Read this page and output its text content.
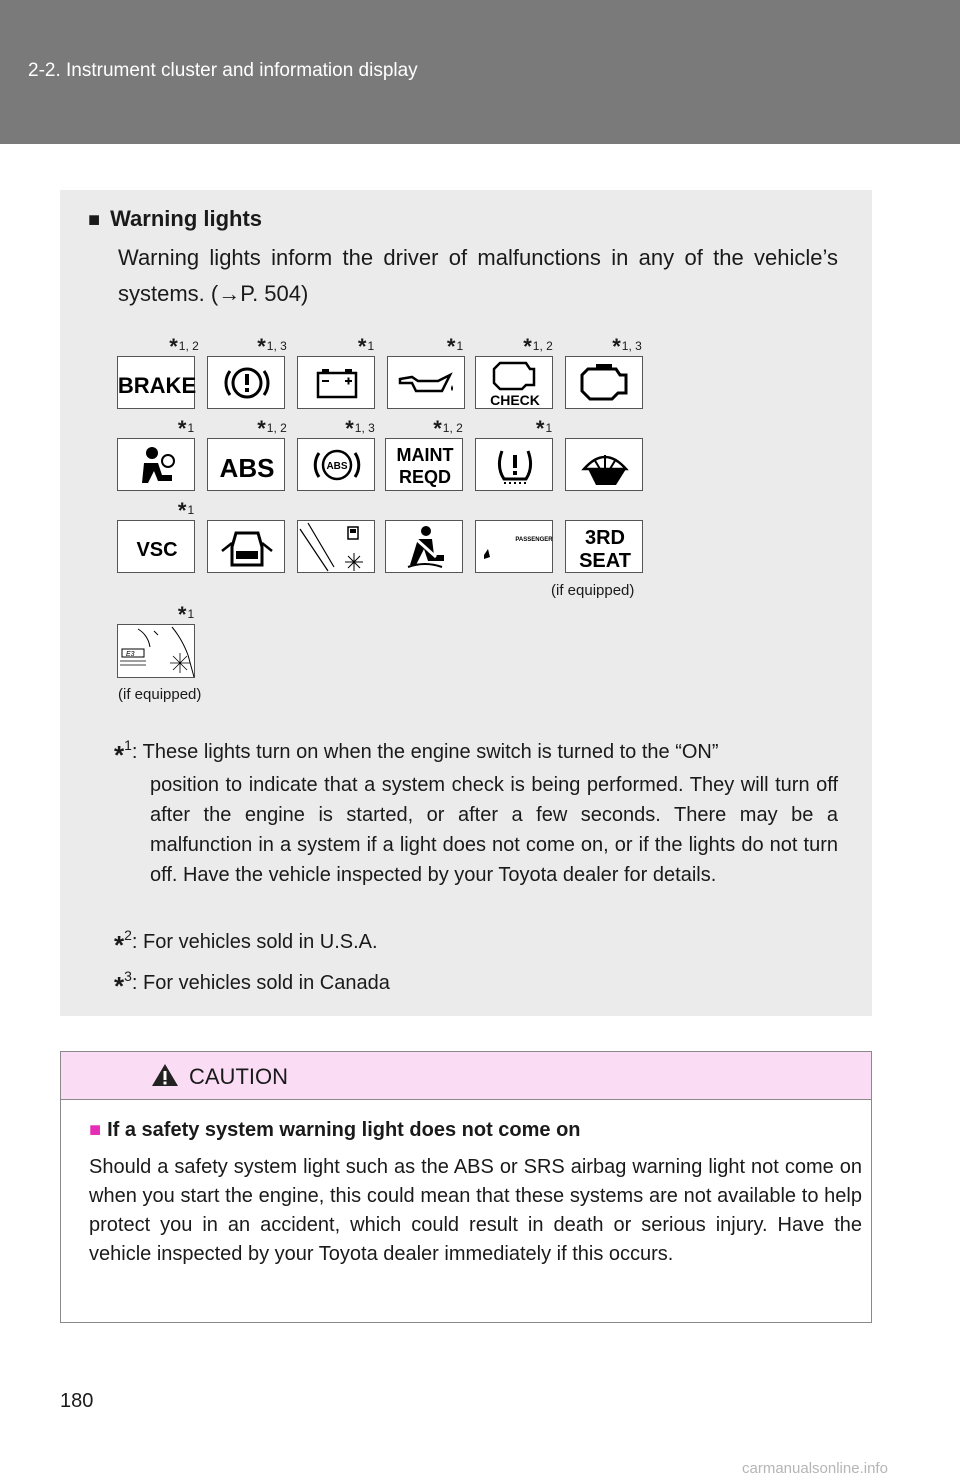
2-2. Instrument cluster and information display
■ Warning lights
Warning lights inform the driver of malfunctions in any of the vehicle’s systems. (→P. 504)
BRAKE
CHECK
ABS	ABS
MAINT
REQD
VSC	PASSENGER 3RD
SEAT
E3
*1, 2	*1, 3	*1	*1	*1, 2	*1, 3
*1	*1, 2	*1, 3	*1, 2	*1
*1
*1
(if equipped)
(if equipped)
*$^1$: These lights turn on when the engine switch is turned to the “ON”
position to indicate that a system check is being performed. They will turn off after the engine is started, or after a few seconds. There may be a malfunction in a system if a light does not come on, or if the lights do not turn off. Have the vehicle inspected by your Toyota dealer for details.
*$^2$: For vehicles sold in U.S.A.
*$^3$: For vehicles sold in Canada
CAUTION
■ If a safety system warning light does not come on
Should a safety system light such as the ABS or SRS airbag warning light not come on when you start the engine, this could mean that these systems are not available to help protect you in an accident, which could result in death or serious injury. Have the vehicle inspected by your Toyota dealer immediately if this occurs.
180
carmanualsonline.info
